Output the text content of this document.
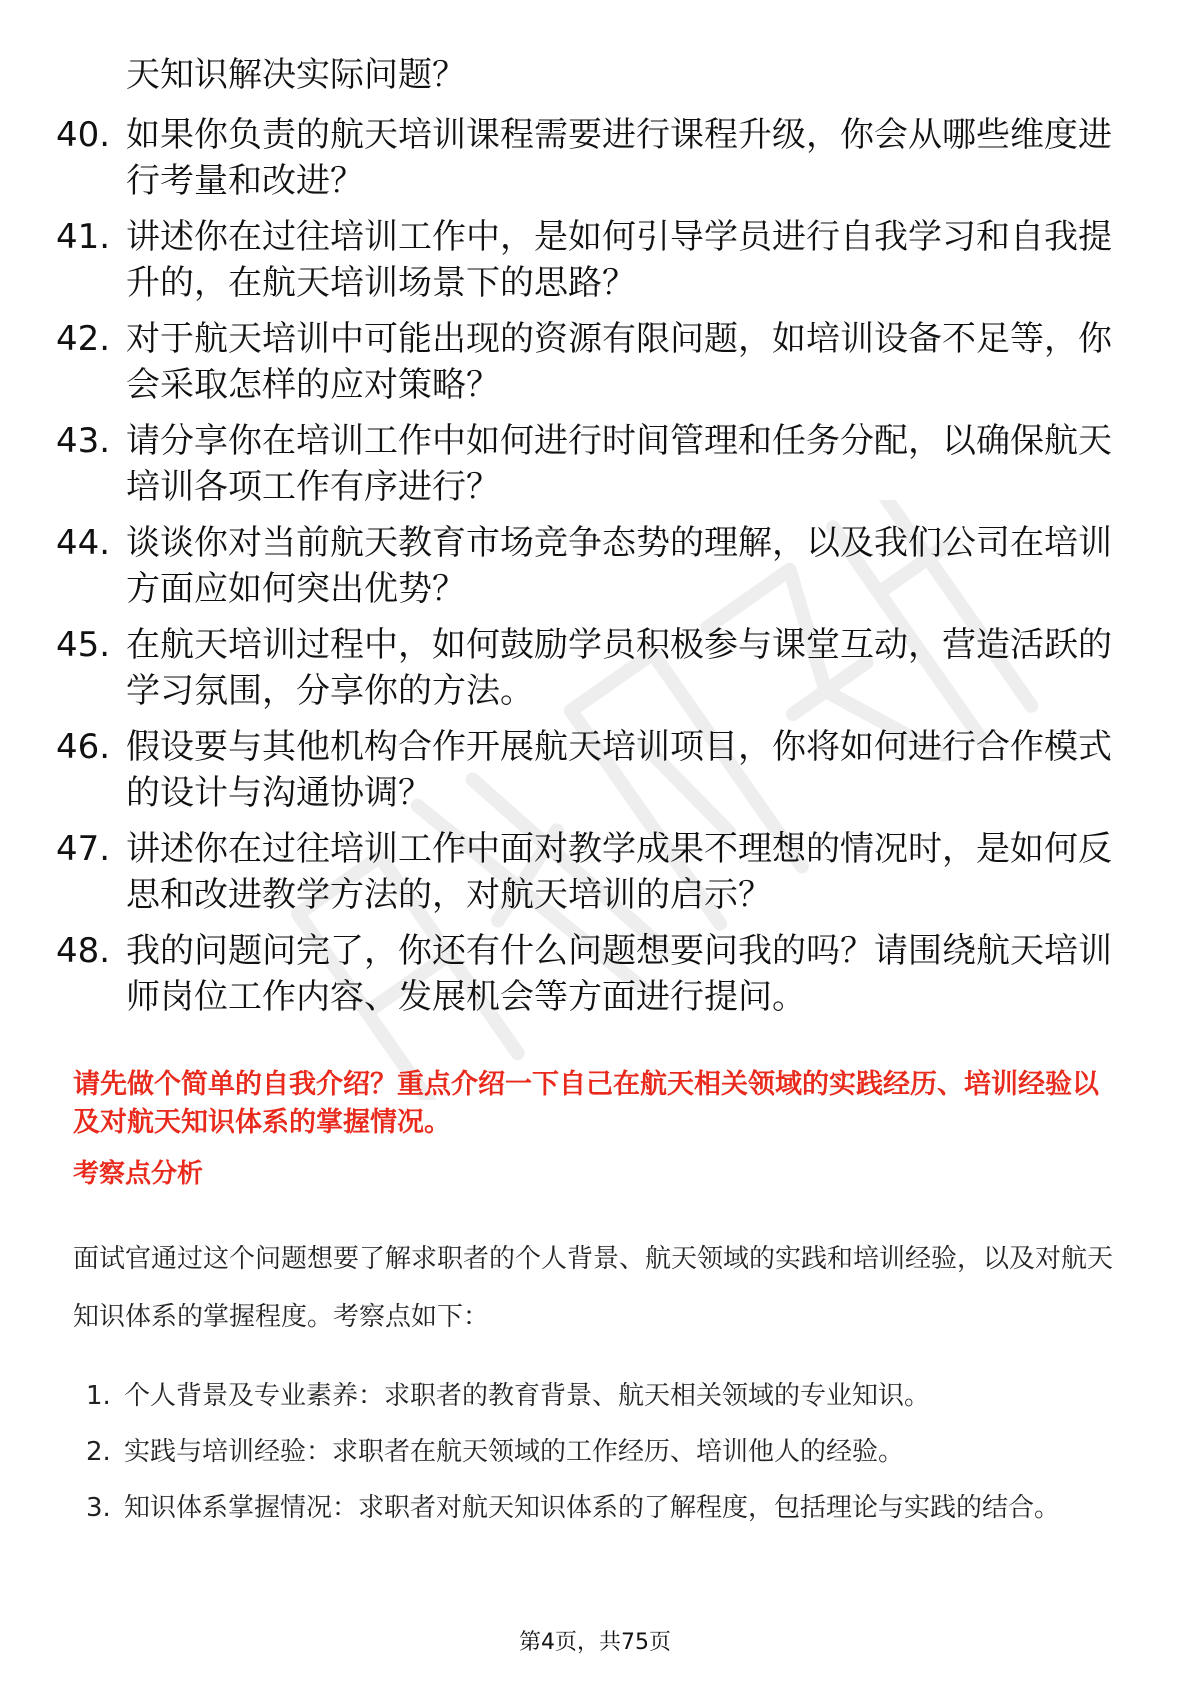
天知识解决实际问题？

40. 如果你负责的航天培训课程需要进行课程升级，你会从哪些维度进行考量和改进？
41. 讲述你在过往培训工作中，是如何引导学员进行自我学习和自我提升的，在航天培训场景下的思路？
42. 对于航天培训中可能出现的资源有限问题，如培训设备不足等，你会采取怎样的应对策略？
43. 请分享你在培训工作中如何进行时间管理和任务分配，以确保航天培训各项工作有序进行？
44. 谈谈你对当前航天教育市场竞争态势的理解，以及我们公司在培训方面应如何突出优势？
45. 在航天培训过程中，如何鼓励学员积极参与课堂互动，营造活跃的学习氛围，分享你的方法。
46. 假设要与其他机构合作开展航天培训项目，你将如何进行合作模式的设计与沟通协调？
47. 讲述你在过往培训工作中面对教学成果不理想的情况时，是如何反思和改进教学方法的，对航天培训的启示？
48. 我的问题问完了，你还有什么问题想要问我的吗？请围绕航天培训师岗位工作内容、发展机会等方面进行提问。

请先做个简单的自我介绍？重点介绍一下自己在航天相关领域的实践经历、培训经验以及对航天知识体系的掌握情况。

考察点分析

面试官通过这个问题想要了解求职者的个人背景、航天领域的实践和培训经验，以及对航天知识体系的掌握程度。考察点如下：

1. 个人背景及专业素养：求职者的教育背景、航天相关领域的专业知识。
2. 实践与培训经验：求职者在航天领域的工作经历、培训他人的经验。
3. 知识体系掌握情况：求职者对航天知识体系的了解程度，包括理论与实践的结合。
第4页，共75页
